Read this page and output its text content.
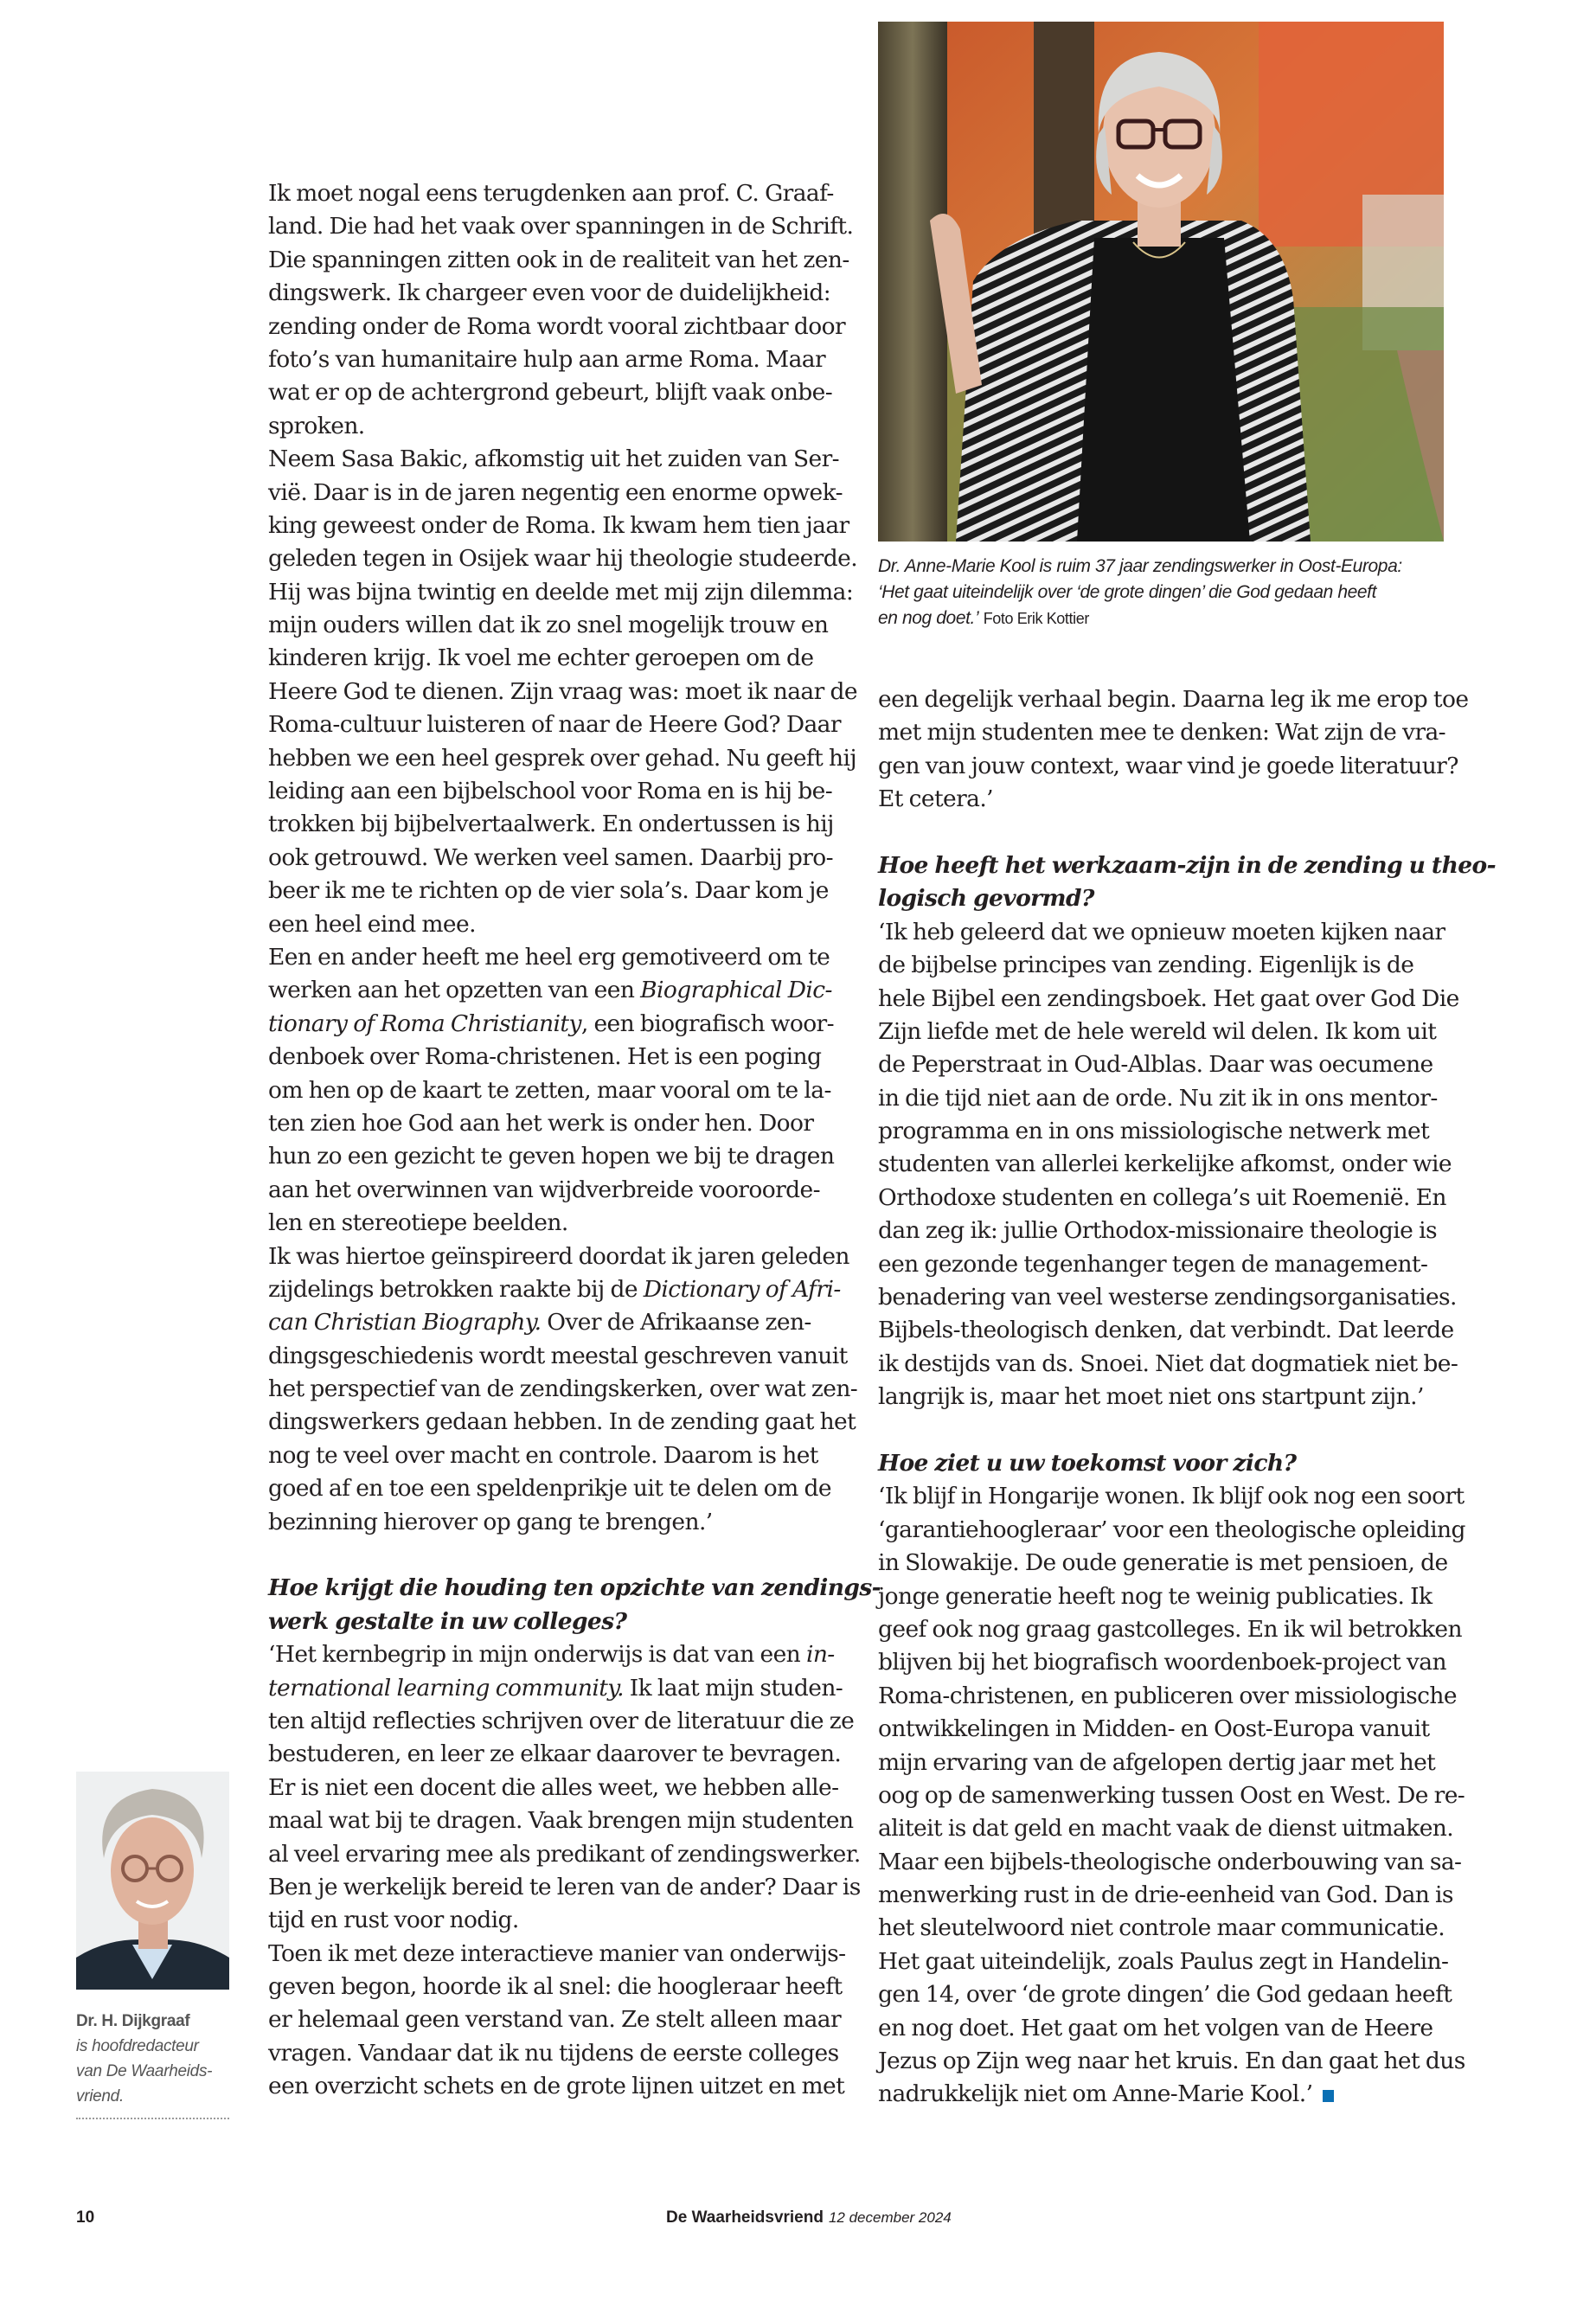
Dr. Anne-Marie Kool is ruim 37 jaar zendingswerker in Oost-Europa:
‘Het gaat uiteindelijk over ‘de grote dingen’ die God gedaan heeft
en nog doet.’ Foto Erik Kottier
Ik moet nogal eens terugdenken aan prof. C. Graaf-
land. Die had het vaak over spanningen in de Schrift.
Die spanningen zitten ook in de realiteit van het zen-
dingswerk. Ik chargeer even voor de duidelijkheid:
zending onder de Roma wordt vooral zichtbaar door
foto’s van humanitaire hulp aan arme Roma. Maar
wat er op de achtergrond gebeurt, blijft vaak onbe-
sproken.
Neem Sasa Bakic, afkomstig uit het zuiden van Ser-
vië. Daar is in de jaren negentig een enorme opwek-
king geweest onder de Roma. Ik kwam hem tien jaar
geleden tegen in Osijek waar hij theologie studeerde.
Hij was bijna twintig en deelde met mij zijn dilemma:
mijn ouders willen dat ik zo snel mogelijk trouw en
kinderen krijg. Ik voel me echter geroepen om de
Heere God te dienen. Zijn vraag was: moet ik naar de
Roma-cultuur luisteren of naar de Heere God? Daar
hebben we een heel gesprek over gehad. Nu geeft hij
leiding aan een bijbelschool voor Roma en is hij be-
trokken bij bijbelvertaalwerk. En ondertussen is hij
ook getrouwd. We werken veel samen. Daarbij pro-
beer ik me te richten op de vier sola’s. Daar kom je
een heel eind mee.
Een en ander heeft me heel erg gemotiveerd om te
werken aan het opzetten van een Biographical Dic-
tionary of Roma Christianity, een biografisch woor-
denboek over Roma-christenen. Het is een poging
om hen op de kaart te zetten, maar vooral om te la-
ten zien hoe God aan het werk is onder hen. Door
hun zo een gezicht te geven hopen we bij te dragen
aan het overwinnen van wijdverbreide vooroorde-
len en stereotiepe beelden.
Ik was hiertoe geïnspireerd doordat ik jaren geleden
zijdelings betrokken raakte bij de Dictionary of Afri-
can Christian Biography. Over de Afrikaanse zen-
dingsgeschiedenis wordt meestal geschreven vanuit
het perspectief van de zendingskerken, over wat zen-
dingswerkers gedaan hebben. In de zending gaat het
nog te veel over macht en controle. Daarom is het
goed af en toe een speldenprikje uit te delen om de
bezinning hierover op gang te brengen.’
Hoe krijgt die houding ten opzichte van zendings-
werk gestalte in uw colleges?
‘Het kernbegrip in mijn onderwijs is dat van een in-
ternational learning community. Ik laat mijn studen-
ten altijd reflecties schrijven over de literatuur die ze
bestuderen, en leer ze elkaar daarover te bevragen.
Er is niet een docent die alles weet, we hebben alle-
maal wat bij te dragen. Vaak brengen mijn studenten
al veel ervaring mee als predikant of zendingswerker.
Ben je werkelijk bereid te leren van de ander? Daar is
tijd en rust voor nodig.
Toen ik met deze interactieve manier van onderwijs-
geven begon, hoorde ik al snel: die hoogleraar heeft
er helemaal geen verstand van. Ze stelt alleen maar
vragen. Vandaar dat ik nu tijdens de eerste colleges
een overzicht schets en de grote lijnen uitzet en met
een degelijk verhaal begin. Daarna leg ik me erop toe
met mijn studenten mee te denken: Wat zijn de vra-
gen van jouw context, waar vind je goede literatuur?
Et cetera.’
Hoe heeft het werkzaam-zijn in de zending u theo-
logisch gevormd?
‘Ik heb geleerd dat we opnieuw moeten kijken naar
de bijbelse principes van zending. Eigenlijk is de
hele Bijbel een zendingsboek. Het gaat over God Die
Zijn liefde met de hele wereld wil delen. Ik kom uit
de Peperstraat in Oud-Alblas. Daar was oecumene
in die tijd niet aan de orde. Nu zit ik in ons mentor-
programma en in ons missiologische netwerk met
studenten van allerlei kerkelijke afkomst, onder wie
Orthodoxe studenten en collega’s uit Roemenië. En
dan zeg ik: jullie Orthodox-missionaire theologie is
een gezonde tegenhanger tegen de management-
benadering van veel westerse zendingsorganisaties.
Bijbels-theologisch denken, dat verbindt. Dat leerde
ik destijds van ds. Snoei. Niet dat dogmatiek niet be-
langrijk is, maar het moet niet ons startpunt zijn.’
Hoe ziet u uw toekomst voor zich?
‘Ik blijf in Hongarije wonen. Ik blijf ook nog een soort
‘garantiehoogleraar’ voor een theologische opleiding
in Slowakije. De oude generatie is met pensioen, de
jonge generatie heeft nog te weinig publicaties. Ik
geef ook nog graag gastcolleges. En ik wil betrokken
blijven bij het biografisch woordenboek-project van
Roma-christenen, en publiceren over missiologische
ontwikkelingen in Midden- en Oost-Europa vanuit
mijn ervaring van de afgelopen dertig jaar met het
oog op de samenwerking tussen Oost en West. De re-
aliteit is dat geld en macht vaak de dienst uitmaken.
Maar een bijbels-theologische onderbouwing van sa-
menwerking rust in de drie-eenheid van God. Dan is
het sleutelwoord niet controle maar communicatie.
Het gaat uiteindelijk, zoals Paulus zegt in Handelin-
gen 14, over ‘de grote dingen’ die God gedaan heeft
en nog doet. Het gaat om het volgen van de Heere
Jezus op Zijn weg naar het kruis. En dan gaat het dus
nadrukkelijk niet om Anne-Marie Kool.’
Dr. H. Dijkgraaf
is hoofdredacteur
van De Waarheids-
vriend.
10	De Waarheidsvriend 12 december 2024
